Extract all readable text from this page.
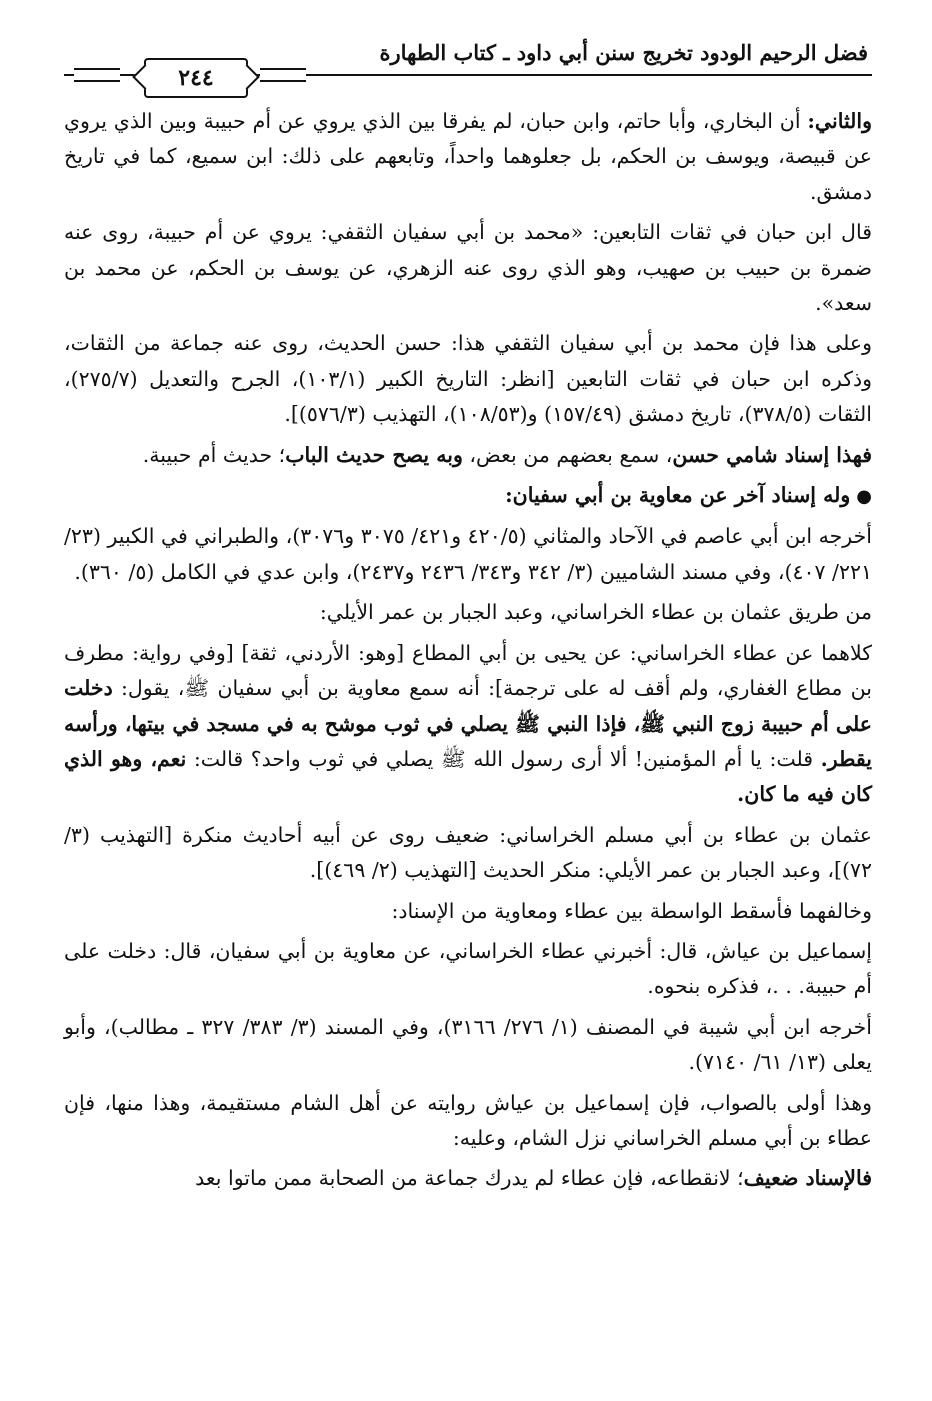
فضل الرحيم الودود تخريج سنن أبي داود ـ كتاب الطهارة
٢٤٤

والثاني: أن البخاري، وأبا حاتم، وابن حبان، لم يفرقا بين الذي يروي عن أم حبيبة وبين الذي يروي عن قبيصة، ويوسف بن الحكم، بل جعلوهما واحداً، وتابعهم على ذلك: ابن سميع، كما في تاريخ دمشق.

قال ابن حبان في ثقات التابعين: «محمد بن أبي سفيان الثقفي: يروي عن أم حبيبة، روى عنه ضمرة بن حبيب بن صهيب، وهو الذي روى عنه الزهري، عن يوسف بن الحكم، عن محمد بن سعد».

وعلى هذا فإن محمد بن أبي سفيان الثقفي هذا: حسن الحديث، روى عنه جماعة من الثقات، وذكره ابن حبان في ثقات التابعين [انظر: التاريخ الكبير (١٠٣/١)، الجرح والتعديل (٢٧٥/٧)، الثقات (٣٧٨/٥)، تاريخ دمشق (١٥٧/٤٩) و(١٠٨/٥٣)، التهذيب (٥٧٦/٣)].

فهذا إسناد شامي حسن، سمع بعضهم من بعض، وبه يصح حديث الباب؛ حديث أم حبيبة.

●وله إسناد آخر عن معاوية بن أبي سفيان:

أخرجه ابن أبي عاصم في الآحاد والمثاني (٤٢٠/٥ و٤٢١/ ٣٠٧٥ و٣٠٧٦)، والطبراني في الكبير (٢٣/ ٢٢١/ ٤٠٧)، وفي مسند الشاميين (٣/ ٣٤٢ و٣٤٣/ ٢٤٣٦ و٢٤٣٧)، وابن عدي في الكامل (٥/ ٣٦٠).

من طريق عثمان بن عطاء الخراساني، وعبد الجبار بن عمر الأيلي:

كلاهما عن عطاء الخراساني: عن يحيى بن أبي المطاع [وهو: الأردني، ثقة] [وفي رواية: مطرف بن مطاع الغفاري، ولم أقف له على ترجمة]: أنه سمع معاوية بن أبي سفيان ﷺ، يقول: دخلت على أم حبيبة زوج النبي ﷺ، فإذا النبي ﷺ يصلي في ثوب موشح به في مسجد في بيتها، ورأسه يقطر. قلت: يا أم المؤمنين! ألا أرى رسول الله ﷺ يصلي في ثوب واحد؟ قالت: نعم، وهو الذي كان فيه ما كان.

عثمان بن عطاء بن أبي مسلم الخراساني: ضعيف روى عن أبيه أحاديث منكرة [التهذيب (٣/ ٧٢)]، وعبد الجبار بن عمر الأيلي: منكر الحديث [التهذيب (٢/ ٤٦٩)].

وخالفهما فأسقط الواسطة بين عطاء ومعاوية من الإسناد:

إسماعيل بن عياش، قال: أخبرني عطاء الخراساني، عن معاوية بن أبي سفيان، قال: دخلت على أم حبيبة. . .، فذكره بنحوه.

أخرجه ابن أبي شيبة في المصنف (١/ ٢٧٦/ ٣١٦٦)، وفي المسند (٣/ ٣٨٣/ ٣٢٧ ـ مطالب)، وأبو يعلى (١٣/ ٦١/ ٧١٤٠).

وهذا أولى بالصواب، فإن إسماعيل بن عياش روايته عن أهل الشام مستقيمة، وهذا منها، فإن عطاء بن أبي مسلم الخراساني نزل الشام، وعليه:

فالإسناد ضعيف؛ لانقطاعه، فإن عطاء لم يدرك جماعة من الصحابة ممن ماتوا بعد
